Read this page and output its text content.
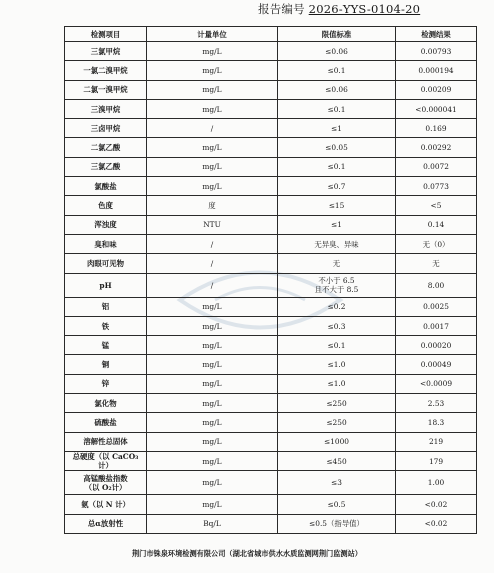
报告编号 2026-YYS-0104-20
检测项目	计量单位	限值标准	检测结果
三氯甲烷	mg/L	≤0.06	0.00793
一氯二溴甲烷	mg/L	≤0.1	0.000194
二氯一溴甲烷	mg/L	≤0.06	0.00209
三溴甲烷	mg/L	≤0.1	<0.000041
三卤甲烷	/	≤1	0.169
二氯乙酸	mg/L	≤0.05	0.00292
三氯乙酸	mg/L	≤0.1	0.0072
氯酸盐	mg/L	≤0.7	0.0773
色度	度	≤15	<5
浑浊度	NTU	≤1	0.14
臭和味	/	无异臭、异味	无（0）
肉眼可见物	/	无	无
pH	/	不小于 6.5
且不大于 8.5	8.00
铝	mg/L	≤0.2	0.0025
铁	mg/L	≤0.3	0.0017
锰	mg/L	≤0.1	0.00020
铜	mg/L	≤1.0	0.00049
锌	mg/L	≤1.0	<0.0009
氯化物	mg/L	≤250	2.53
硫酸盐	mg/L	≤250	18.3
溶解性总固体	mg/L	≤1000	219
总硬度（以 CaCO₃ 计）	mg/L	≤450	179
高锰酸盐指数
（以 O₂计）	mg/L	≤3	1.00
氨（以 N 计）	mg/L	≤0.5	<0.02
总α放射性	Bq/L	≤0.5（指导值）	<0.02
荆门市铢泉环境检测有限公司（湖北省城市供水水质监测网荆门监测站）
